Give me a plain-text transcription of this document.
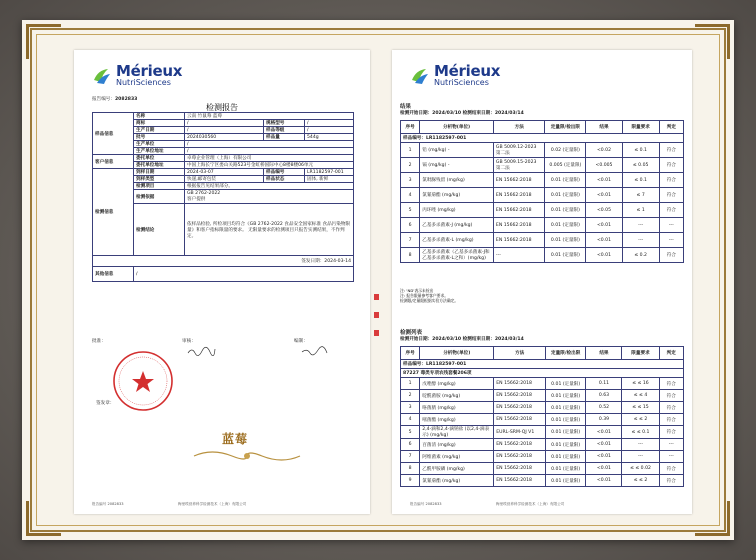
Mérieux
NutriSciences
报告编号：2082833
检测报告
样品信息	名称	云南 竹鼠莓 蓝莓		
	商标	/	规格型号	/
	生产日期	/	样品等级	/
	批号	2024030560	样品量	544g
	生产单位	/		
	生产单位地址	/		
客户信息	委托单位	卓莓企业管理（上海）有限公司		
	委托单位地址	中国上海长宁区娄山关路523号金虹桥国际中心8楼8楼06单元		
检测信息	到样日期	2024-03-07	样品编号	LR1182597-001
	到样类型	快递,邮寄包装	样品状态	固体, 新鲜
	检测项目	根据报告见结果部分。		
	检测依据	GB 2762-2022
客户提供		
	检测结论	依样品检验, 所检项目均符合《GB 2762-2022 食品安全国家标准 食品污染物限量》和客户指标限量的要求。 无限量要求的检测项目只报告实测结果，不作判定。		
签发日期：2024-03-14				
其他信息	/			
批准：	审核：	编制：
签发章：
蓝莓
报告编号 2082833	梅里埃营养科学检测技术（上海）有限公司
Mérieux
NutriSciences
结果
检测开始日期：2024/03/10 检测结束日期：2024/03/14
序号	分析物(单位)	方法	定量限/检出限	结果	限量要求	判定
样品编号：LR1182597-001						
1	铅 (mg/kg) -	GB 5009.12-2023 第二法	0.02 (定量限)	<0.02	≤ 0.1	符合
2	镉 (mg/kg) -	GB 5009.15-2023 第二法	0.005 (定量限)	<0.005	≤ 0.05	符合
3	氯吡脲残留 (mg/kg)	EN 15662:2018	0.01 (定量限)	<0.01	≤ 0.1	符合
4	氯氰菊酯 (mg/kg)	EN 15662:2018	0.01 (定量限)	<0.01	≤ 7	符合
5	丙环唑 (mg/kg)	EN 15662:2018	0.01 (定量限)	<0.05	≤ 1	符合
6	乙基多杀菌素-J (mg/kg)	EN 15662:2018	0.01 (定量限)	<0.01	---	---
7	乙基多杀菌素-L (mg/kg)	EN 15662:2018	0.01 (定量限)	<0.01	---	---
8	乙基多杀菌素（乙基多杀菌素-J和乙基多杀菌素-L之和）(mg/kg)	---	0.01 (定量限)	<0.01	≤ 0.2	符合
注: ‘ND’表示未检出
注: 报告限量参考客户要求。
检测限/定量限根据实验方法确定。
检测列表
检测开始日期：2024/03/10 检测结束日期：2024/03/14
序号	分析物(单位)	方法	定量限/检出限	结果	限量要求	判定
样品编号：LR1182597-001						
87227 莓类专项农残套餐206项						
1	戊唑醇 (mg/kg)	EN 15662:2018	0.01 (定量限)	0.11	≤ ≤ 16	符合
2	啶酰菌胺 (mg/kg)	EN 15662:2018	0.01 (定量限)	0.63	≤ ≤ 4	符合
3	咯菌腈 (mg/kg)	EN 15662:2018	0.01 (定量限)	0.52	≤ ≤ 15	符合
4	嘧菌酯 (mg/kg)	EN 15662:2018	0.01 (定量限)	0.39	≤ ≤ 2	符合
5	2,4-滴和2,4-滴钠盐 (以2,4-滴表示) (mg/kg)	EURL-SRM-QJ V1	0.01 (定量限)	<0.01	≤ ≤ 0.1	符合
6	百菌清 (mg/kg)	EN 15662:2018	0.01 (定量限)	<0.01	---	---
7	阿维菌素 (mg/kg)	EN 15662:2018	0.01 (定量限)	<0.01	---	---
8	乙酰甲胺磷 (mg/kg)	EN 15662:2018	0.01 (定量限)	<0.01	≤ ≤ 0.02	符合
9	氯氰菊酯 (mg/kg)	EN 15662:2018	0.01 (定量限)	<0.01	≤ ≤ 2	符合
报告编号 2082833	梅里埃营养科学检测技术（上海）有限公司
